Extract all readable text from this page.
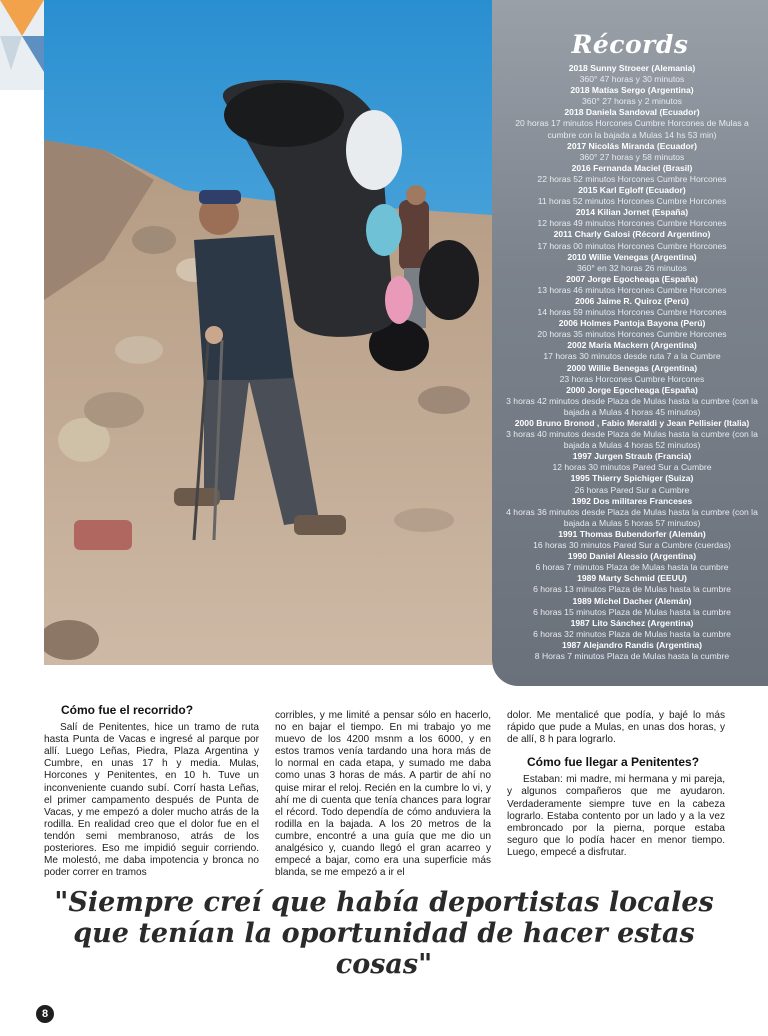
Récords
2018 Sunny Stroeer (Alemania)
360° 47 horas y 30 minutos
2018 Matías Sergo (Argentina)
360° 27 horas y 2 minutos
2018 Daniela Sandoval (Ecuador)
20 horas 17 minutos Horcones Cumbre Horcones de Mulas a cumbre con la bajada a Mulas 14 hs 53 min)
2017 Nicolás Miranda (Ecuador)
360° 27 horas y 58 minutos
2016 Fernanda Maciel (Brasil)
22 horas 52 minutos Horcones Cumbre Horcones
2015 Karl Egloff (Ecuador)
11 horas 52 minutos Horcones Cumbre Horcones
2014 Kilian Jornet (España)
12 horas 49 minutos Horcones Cumbre Horcones
2011 Charly Galosi (Récord Argentino)
17 horas 00 minutos Horcones Cumbre Horcones
2010 Willie Venegas (Argentina)
360° en 32 horas 26 minutos
2007 Jorge Egocheaga (España)
13 horas 46 minutos Horcones Cumbre Horcones
2006 Jaime R. Quiroz (Perú)
14 horas 59 minutos Horcones Cumbre Horcones
2006 Holmes Pantoja Bayona (Perú)
20 horas 35 minutos Horcones Cumbre Horcones
2002 María Mackern (Argentina)
17 horas 30 minutos desde ruta 7 a la Cumbre
2000 Willie Benegas (Argentina)
23 horas Horcones Cumbre Horcones
2000 Jorge Egocheaga (España)
3 horas 42 minutos desde Plaza de Mulas hasta la cumbre (con la bajada a Mulas 4 horas 45 minutos)
2000 Bruno Bronod , Fabio Meraldi y Jean Pellisier (Italia)
3 horas 40 minutos desde Plaza de Mulas hasta la cumbre (con la bajada a Mulas 4 horas 52 minutos)
1997 Jurgen Straub (Francia)
12 horas 30 minutos Pared Sur a Cumbre
1995 Thierry Spichiger (Suiza)
26 horas Pared Sur a Cumbre
1992 Dos militares Franceses
4 horas 36 minutos desde Plaza de Mulas hasta la cumbre (con la bajada a Mulas 5 horas 57 minutos)
1991 Thomas Bubendorfer (Alemán)
16 horas 30 minutos Pared Sur a Cumbre (cuerdas)
1990 Daniel Alessio (Argentina)
6 horas 7 minutos Plaza de Mulas hasta la cumbre
1989 Marty Schmid (EEUU)
6 horas 13 minutos Plaza de Mulas hasta la cumbre
1989 Michel Dacher (Alemán)
6 horas 15 minutos Plaza de Mulas hasta la cumbre
1987 Lito Sánchez (Argentina)
6 horas 32 minutos Plaza de Mulas hasta la cumbre
1987 Alejandro Randis (Argentina)
8 Horas 7 minutos Plaza de Mulas hasta la cumbre
Cómo fue el recorrido?

Salí de Penitentes, hice un tramo de ruta hasta Punta de Vacas e ingresé al parque por allí. Luego Leñas, Piedra, Plaza Argentina y Cumbre, en unas 17 h y media. Mulas, Horcones y Penitentes, en 10 h. Tuve un inconveniente cuando subí. Corrí hasta Leñas, el primer campamento después de Punta de Vacas, y me empezó a doler mucho atrás de la rodilla. En realidad creo que el dolor fue en el tendón semi membranoso, atrás de los posteriores. Eso me impidió seguir corriendo. Me molestó, me daba impotencia y bronca no poder correr en tramos

corribles, y me limité a pensar sólo en hacerlo, no en bajar el tiempo. En mi trabajo yo me muevo de los 4200 msnm a los 6000, y en estos tramos venía tardando una hora más de lo normal en cada etapa, y sumado me daba como unas 3 horas de más. A partir de ahí no quise mirar el reloj. Recién en la cumbre lo vi, y ahí me di cuenta que tenía chances para lograr el récord. Todo dependía de cómo anduviera la rodilla en la bajada. A los 20 metros de la cumbre, encontré a una guía que me dio un analgésico y, cuando llegó el gran acarreo y empecé a bajar, como era una superficie más blanda, se me empezó a ir el

dolor. Me mentalicé que podía, y bajé lo más rápido que pude a Mulas, en unas dos horas, y de allí, 8 h para lograrlo.

Cómo fue llegar a Penitentes?

Estaban: mi madre, mi hermana y mi pareja, y algunos compañeros que me ayudaron. Verdaderamente siempre tuve en la cabeza lograrlo. Estaba contento por un lado y a la vez embroncado por la pierna, porque estaba seguro que lo podía hacer en menor tiempo. Luego, empecé a disfrutar.

"Siempre creí que había deportistas locales que tenían la oportunidad de hacer estas cosas"
8
